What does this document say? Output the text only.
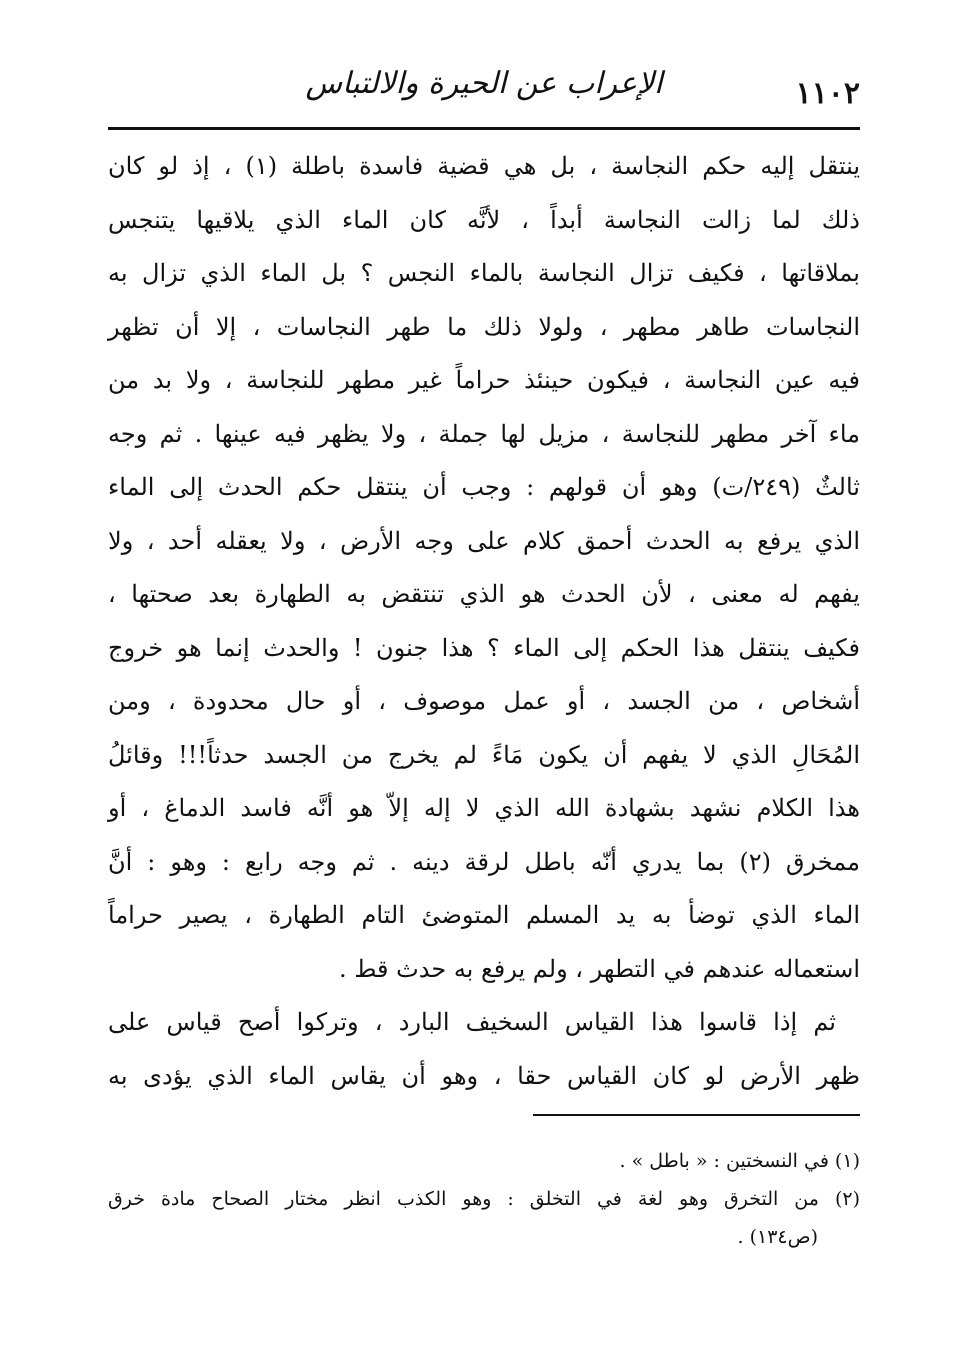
١١٠٢
الإعراب عن الحيرة والالتباس
ينتقل إليه حكم النجاسة ، بل هي قضية فاسدة باطلة (١) ، إذ لو كان
ذلك لما زالت النجاسة أبداً ، لأنَّه كان الماء الذي يلاقيها يتنجس
بملاقاتها ، فكيف تزال النجاسة بالماء النجس ؟ بل الماء الذي تزال به
النجاسات طاهر مطهر ، ولولا ذلك ما طهر النجاسات ، إلا أن تظهر
فيه عين النجاسة ، فيكون حينئذ حراماً غير مطهر للنجاسة ، ولا بد من
ماء آخر مطهر للنجاسة ، مزيل لها جملة ، ولا يظهر فيه عينها . ثم وجه
ثالثٌ (٢٤٩/ت) وهو أن قولهم : وجب أن ينتقل حكم الحدث إلى الماء
الذي يرفع به الحدث أحمق كلام على وجه الأرض ، ولا يعقله أحد ، ولا
يفهم له معنى ، لأن الحدث هو الذي تنتقض به الطهارة بعد صحتها ،
فكيف ينتقل هذا الحكم إلى الماء ؟ هذا جنون ! والحدث إنما هو خروج
أشخاص ، من الجسد ، أو عمل موصوف ، أو حال محدودة ، ومن
المُحَالِ الذي لا يفهم أن يكون مَاءً لم يخرج من الجسد حدثاً!!! وقائلُ
هذا الكلام نشهد بشهادة الله الذي لا إله إلاّ هو أنَّه فاسد الدماغ ، أو
ممخرق (٢) بما يدري أنّه باطل لرقة دينه . ثم وجه رابع : وهو : أنَّ
الماء الذي توضأ به يد المسلم المتوضئ التام الطهارة ، يصير حراماً
استعماله عندهم في التطهر ، ولم يرفع به حدث قط .
ثم إذا قاسوا هذا القياس السخيف البارد ، وتركوا أصح قياس على
ظهر الأرض لو كان القياس حقا ، وهو أن يقاس الماء الذي يؤدى به
(١) في النسختين : « باطل » .
(٢) من التخرق وهو لغة في التخلق : وهو الكذب انظر مختار الصحاح مادة خرق
(ص١٣٤) .
